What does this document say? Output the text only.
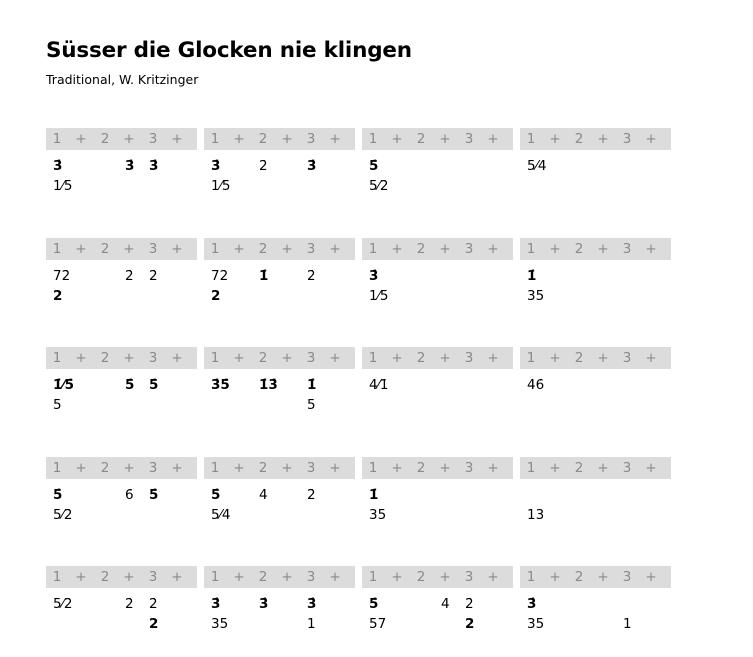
Süsser die Glocken nie klingen
Traditional, W. Kritzinger
1 + 2 + 3 +
3̇	3̇ 3̇
1⁄5
1 + 2 + 3 +
3̇	2̇	3̇
1⁄5
1 + 2 + 3 +
5̇
5⁄2̇
1 + 2 + 3 +
5⁄4̇
1 + 2 + 3 +
72̇	2̇ 2̇
2
1 + 2 + 3 +
72̇ 1̇	2̇
2
1 + 2 + 3 +
3̇
1⁄5
1 + 2 + 3 +
1̇
35
1 + 2 + 3 +
1̇⁄5̇	5̇ 5̇
5
1 + 2 + 3 +
3̇5̇ 1̇3̇ 1̇
5
1 + 2 + 3 +
4̇⁄1̇
1 + 2 + 3 +
4̇6̇
1 + 2 + 3 +
5̇	6̇ 5̇
5⁄2̇
1 + 2 + 3 +
5̇	4̇	2̇
5⁄4̇
1 + 2 + 3 +
1̇
35
1 + 2 + 3 +
13
1 + 2 + 3 +
5⁄2̇	2̇ 2̇
2
1 + 2 + 3 +
3̇	3̇	3̇
35	1
1 + 2 + 3 +
5̇	4̇ 2̇
57	2
1 + 2 + 3 +
3̇
35	1
